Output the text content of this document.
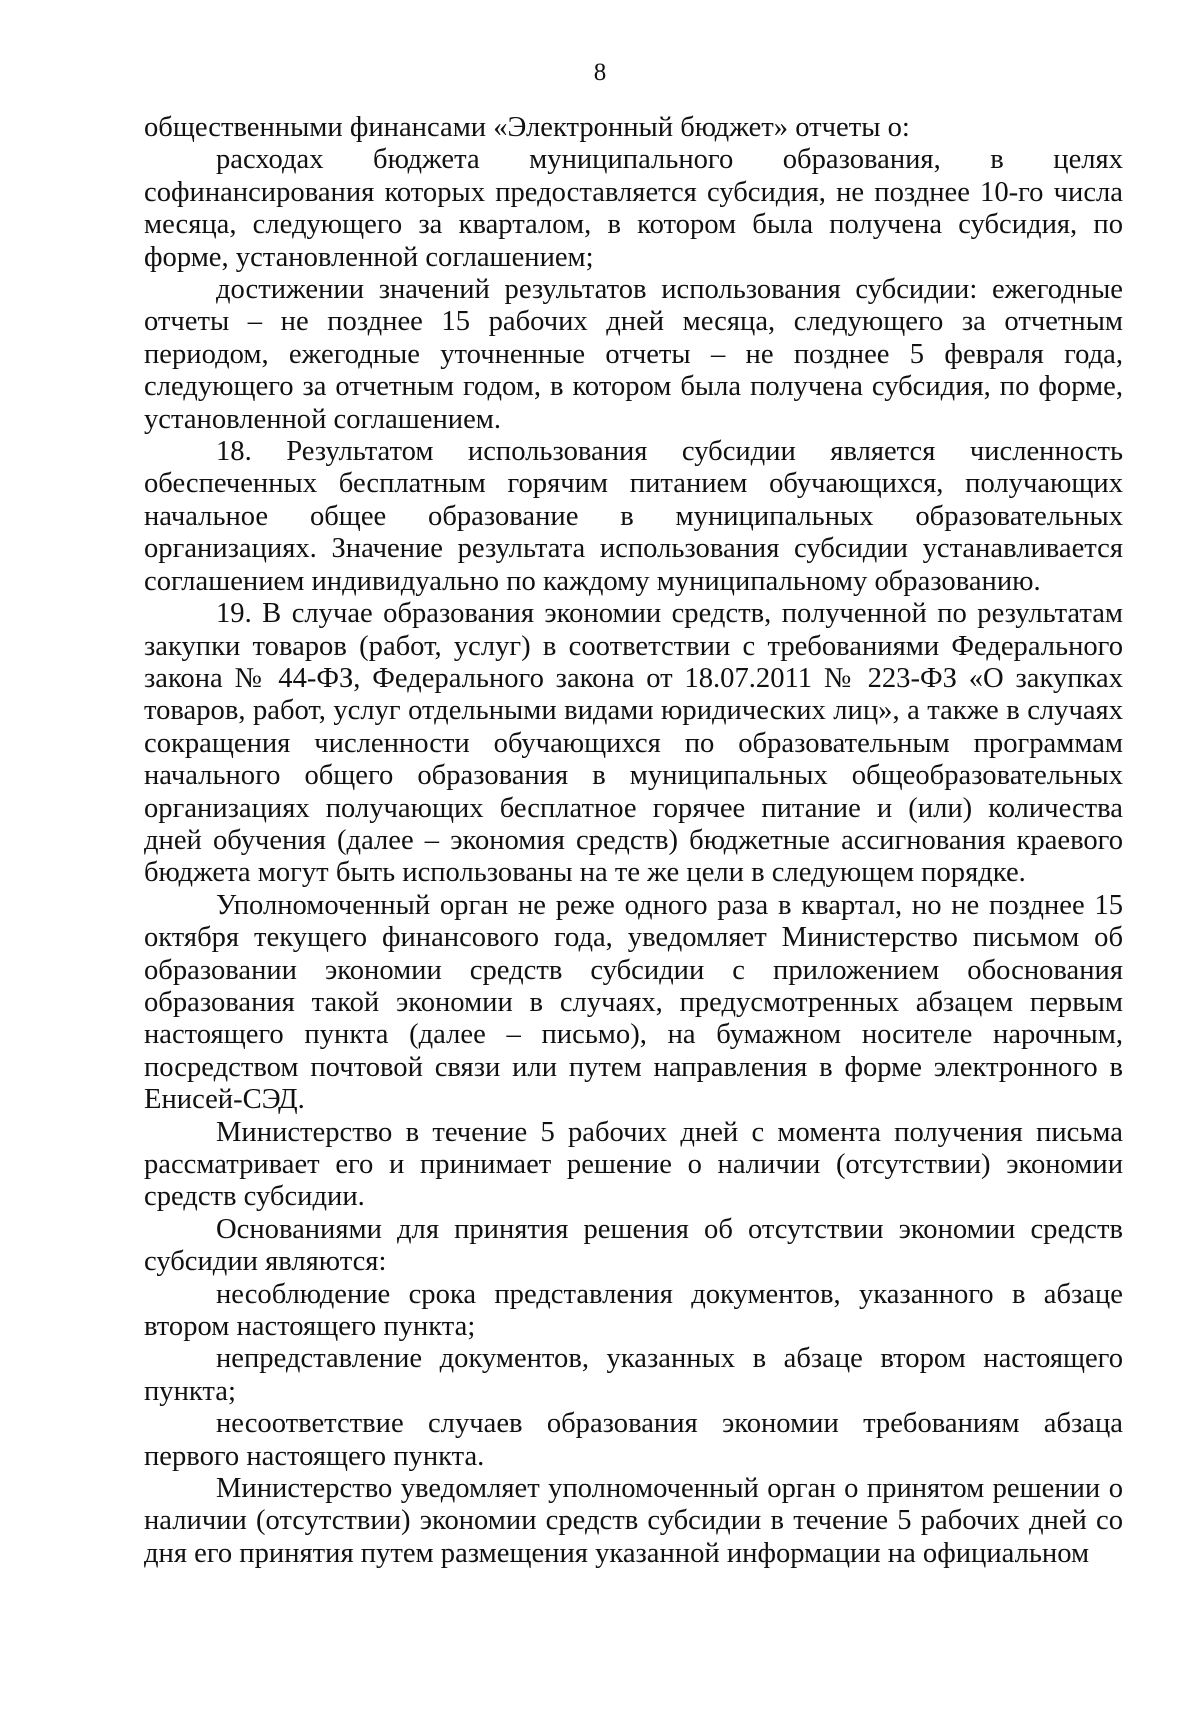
8

общественными финансами «Электронный бюджет» отчеты о:

расходах бюджета муниципального образования, в целях софинансирования которых предоставляется субсидия, не позднее 10-го числа месяца, следующего за кварталом, в котором была получена субсидия, по форме, установленной соглашением;

достижении значений результатов использования субсидии: ежегодные отчеты – не позднее 15 рабочих дней месяца, следующего за отчетным периодом, ежегодные уточненные отчеты – не позднее 5 февраля года, следующего за отчетным годом, в котором была получена субсидия, по форме, установленной соглашением.

18. Результатом использования субсидии является численность обеспеченных бесплатным горячим питанием обучающихся, получающих начальное общее образование в муниципальных образовательных организациях. Значение результата использования субсидии устанавливается соглашением индивидуально по каждому муниципальному образованию.

19. В случае образования экономии средств, полученной по результатам закупки товаров (работ, услуг) в соответствии с требованиями Федерального закона № 44-ФЗ, Федерального закона от 18.07.2011 № 223-ФЗ «О закупках товаров, работ, услуг отдельными видами юридических лиц», а также в случаях сокращения численности обучающихся по образовательным программам начального общего образования в муниципальных общеобразовательных организациях получающих бесплатное горячее питание и (или) количества дней обучения (далее – экономия средств) бюджетные ассигнования краевого бюджета могут быть использованы на те же цели в следующем порядке.

Уполномоченный орган не реже одного раза в квартал, но не позднее 15 октября текущего финансового года, уведомляет Министерство письмом об образовании экономии средств субсидии с приложением обоснования образования такой экономии в случаях, предусмотренных абзацем первым настоящего пункта (далее – письмо), на бумажном носителе нарочным, посредством почтовой связи или путем направления в форме электронного в Енисей-СЭД.

Министерство в течение 5 рабочих дней с момента получения письма рассматривает его и принимает решение о наличии (отсутствии) экономии средств субсидии.

Основаниями для принятия решения об отсутствии экономии средств субсидии являются:

несоблюдение срока представления документов, указанного в абзаце втором настоящего пункта;

непредставление документов, указанных в абзаце втором настоящего пункта;

несоответствие случаев образования экономии требованиям абзаца первого настоящего пункта.

Министерство уведомляет уполномоченный орган о принятом решении о наличии (отсутствии) экономии средств субсидии в течение 5 рабочих дней со дня его принятия путем размещения указанной информации на официальном
